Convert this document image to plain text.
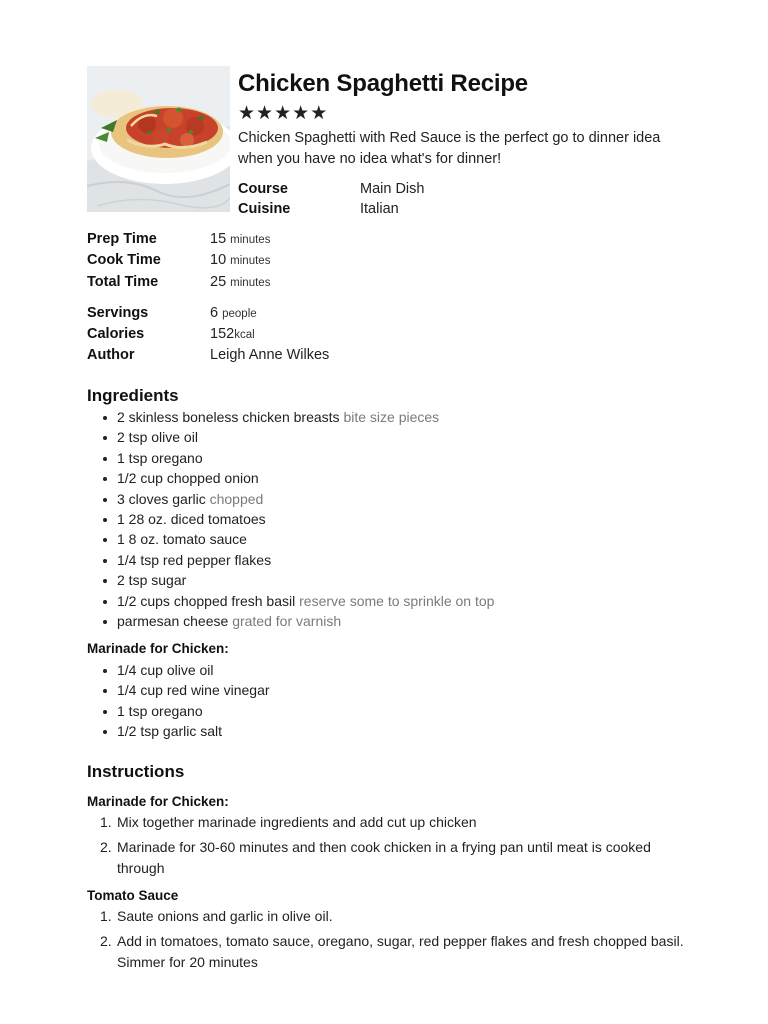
Chicken Spaghetti Recipe
★ ★ ★ ★ ★

Chicken Spaghetti with Red Sauce is the perfect go to dinner idea when you have no idea what's for dinner!

Course	Main Dish
Cuisine	Italian
Prep Time	15 minutes
Cook Time	10 minutes
Total Time	25 minutes
Servings	6 people
Calories	152kcal
Author	Leigh Anne Wilkes
Ingredients
2 skinless boneless chicken breasts bite size pieces
2 tsp olive oil
1 tsp oregano
1/2 cup chopped onion
3 cloves garlic chopped
1 28 oz. diced tomatoes
1 8 oz. tomato sauce
1/4 tsp red pepper flakes
2 tsp sugar
1/2 cups chopped fresh basil reserve some to sprinkle on top
parmesan cheese grated for varnish
Marinade for Chicken:
1/4 cup olive oil
1/4 cup red wine vinegar
1 tsp oregano
1/2 tsp garlic salt
Instructions
Marinade for Chicken:
1. Mix together marinade ingredients and add cut up chicken
2. Marinade for 30-60 minutes and then cook chicken in a frying pan until meat is cooked through
Tomato Sauce
1. Saute onions and garlic in olive oil.
2. Add in tomatoes, tomato sauce, oregano, sugar, red pepper flakes and fresh chopped basil. Simmer for 20 minutes
